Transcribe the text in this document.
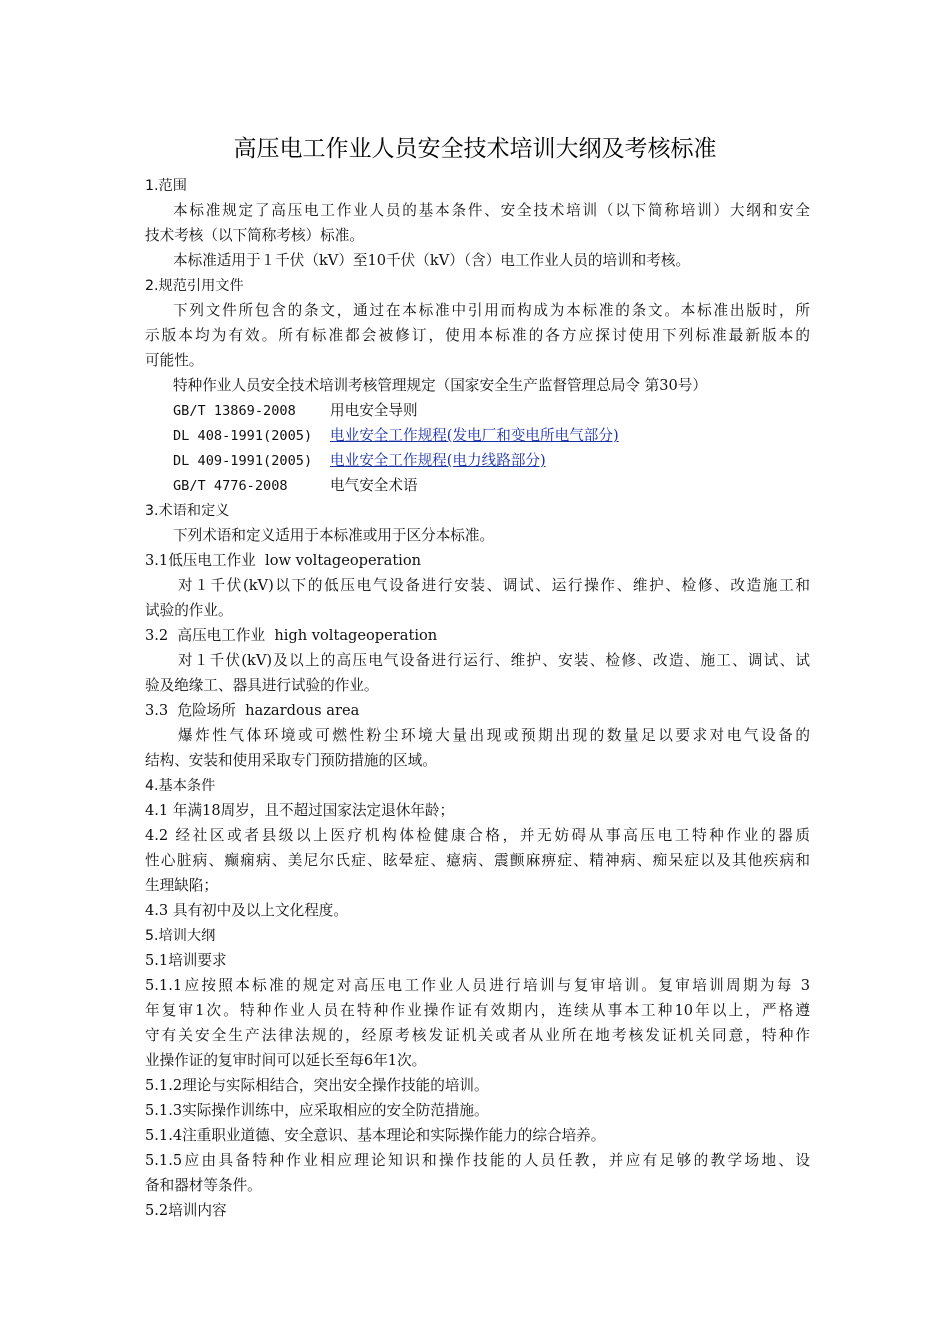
高压电工作业人员安全技术培训大纲及考核标准
1.范围
本标准规定了高压电工作业人员的基本条件、安全技术培训（以下简称培训）大纲和安全
技术考核（以下简称考核）标准。
本标准适用于１千伏（kV）至10千伏（kV）（含）电工作业人员的培训和考核。
2.规范引用文件
下列文件所包含的条文，通过在本标准中引用而构成为本标准的条文。本标准出版时，所
示版本均为有效。所有标准都会被修订，使用本标准的各方应探讨使用下列标准最新版本的
可能性。
特种作业人员安全技术培训考核管理规定（国家安全生产监督管理总局令 第30号）
GB/T 13869-2008 用电安全导则
DL 408-1991(2005) 电业安全工作规程(发电厂和变电所电气部分)
DL 409-1991(2005) 电业安全工作规程(电力线路部分)
GB/T 4776-2008	电气安全术语
3.术语和定义
下列术语和定义适用于本标准或用于区分本标准。
3.1低压电工作业  low voltageoperation
对１千伏(kV)以下的低压电气设备进行安装、调试、运行操作、维护、检修、改造施工和
试验的作业。
3.2  高压电工作业  high voltageoperation
对１千伏(kV)及以上的高压电气设备进行运行、维护、安装、检修、改造、施工、调试、试
验及绝缘工、器具进行试验的作业。
3.3  危险场所  hazardous area
爆炸性气体环境或可燃性粉尘环境大量出现或预期出现的数量足以要求对电气设备的
结构、安装和使用采取专门预防措施的区域。
4.基本条件
4.1 年满18周岁，且不超过国家法定退休年龄；
4.2 经社区或者县级以上医疗机构体检健康合格，并无妨碍从事高压电工特种作业的器质
性心脏病、癫痫病、美尼尔氏症、眩晕症、癔病、震颤麻痹症、精神病、痴呆症以及其他疾病和
生理缺陷；
4.3 具有初中及以上文化程度。
5.培训大纲
5.1培训要求
5.1.1应按照本标准的规定对高压电工作业人员进行培训与复审培训。复审培训周期为每 3
年复审1次。特种作业人员在特种作业操作证有效期内，连续从事本工种10年以上，严格遵
守有关安全生产法律法规的，经原考核发证机关或者从业所在地考核发证机关同意，特种作
业操作证的复审时间可以延长至每6年1次。
5.1.2理论与实际相结合，突出安全操作技能的培训。
5.1.3实际操作训练中，应采取相应的安全防范措施。
5.1.4注重职业道德、安全意识、基本理论和实际操作能力的综合培养。
5.1.5应由具备特种作业相应理论知识和操作技能的人员任教，并应有足够的教学场地、设
备和器材等条件。
5.2培训内容
